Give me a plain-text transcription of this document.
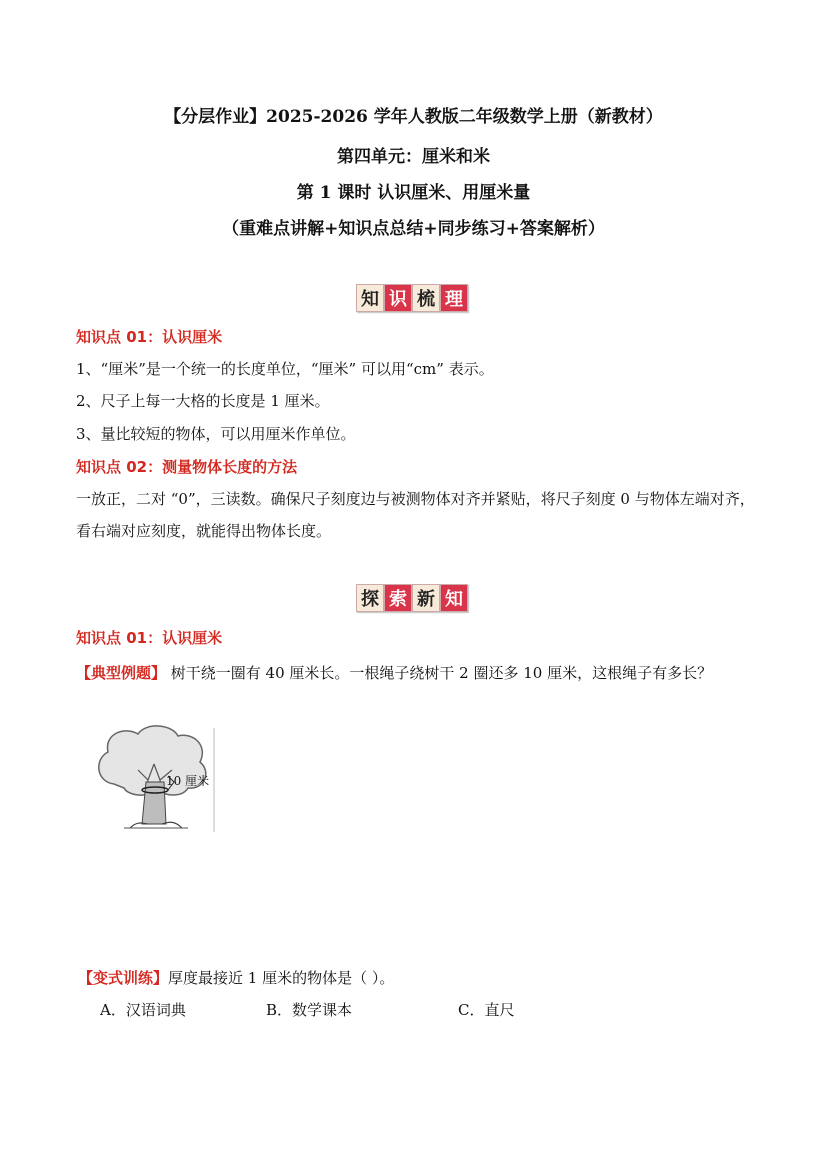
【分层作业】2025-2026 学年人教版二年级数学上册（新教材）
第四单元：厘米和米
第 1 课时 认识厘米、用厘米量
（重难点讲解+知识点总结+同步练习+答案解析）
知 识 梳 理
知识点 01：认识厘米
1、“厘米”是一个统一的长度单位，“厘米” 可以用“cm” 表示。
2、尺子上每一大格的长度是 1 厘米。
3、量比较短的物体，可以用厘米作单位。
知识点 02：测量物体长度的方法
一放正，二对 “0”，三读数。确保尺子刻度边与被测物体对齐并紧贴，将尺子刻度 0 与物体左端对齐，看右端对应刻度，就能得出物体长度。
探 索 新 知
知识点 01：认识厘米
【典型例题】 树干绕一圈有 40 厘米长。一根绳子绕树干 2 圈还多 10 厘米，这根绳子有多长？
10 厘米
【变式训练】厚度最接近 1 厘米的物体是（ ）。
A．汉语词典	B．数学课本	C．直尺
